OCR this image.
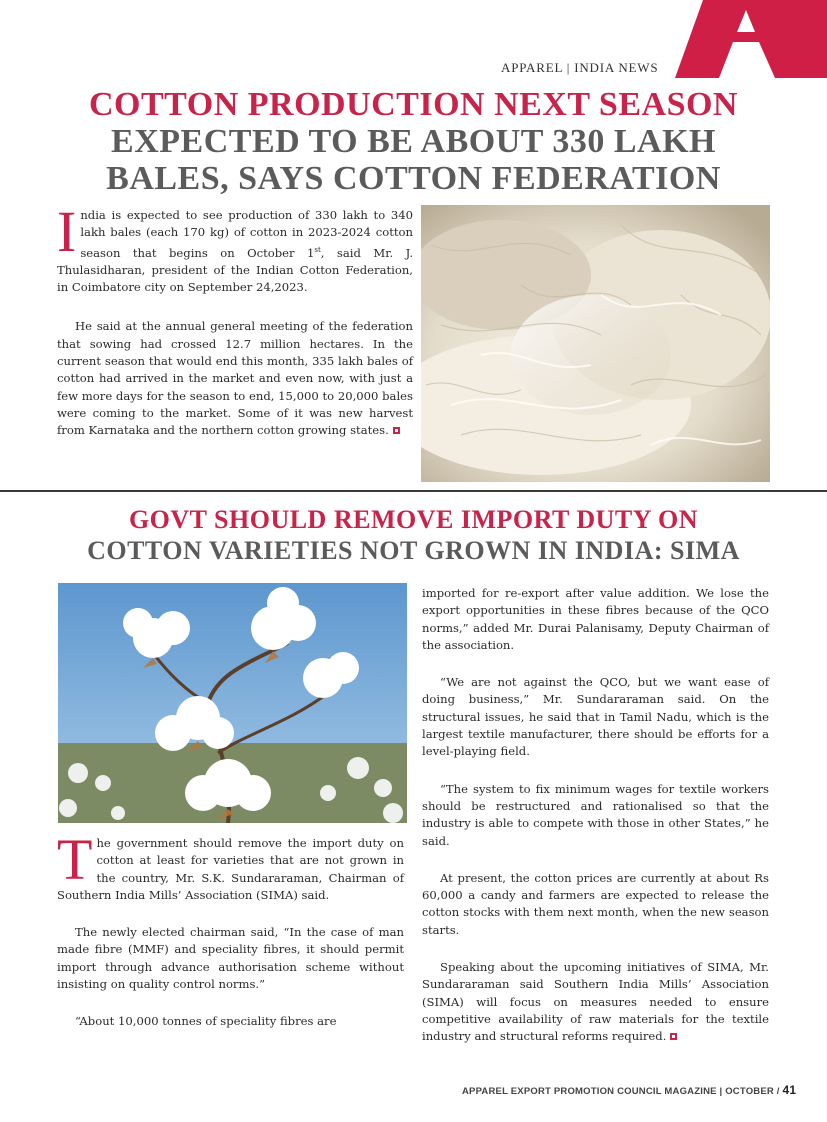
APPAREL | INDIA NEWS
COTTON PRODUCTION NEXT SEASON
EXPECTED TO BE ABOUT 330 LAKH
BALES, SAYS COTTON FEDERATION

India is expected to see production of 330 lakh to 340 lakh bales (each 170 kg) of cotton in 2023-2024 cotton season that begins on October 1st, said Mr. J. Thulasidharan, president of the Indian Cotton Federation, in Coimbatore city on September 24,2023.

He said at the annual general meeting of the federation that sowing had crossed 12.7 million hectares. In the current season that would end this month, 335 lakh bales of cotton had arrived in the market and even now, with just a few more days for the season to end, 15,000 to 20,000 bales were coming to the market. Some of it was new harvest from Karnataka and the northern cotton growing states.

GOVT SHOULD REMOVE IMPORT DUTY ON
COTTON VARIETIES NOT GROWN IN INDIA: SIMA

The government should remove the import duty on cotton at least for varieties that are not grown in the country, Mr. S.K. Sundararaman, Chairman of Southern India Mills’ Association (SIMA) said.

The newly elected chairman said, “In the case of man made fibre (MMF) and speciality fibres, it should permit import through advance authorisation scheme without insisting on quality control norms.”

“About 10,000 tonnes of speciality fibres are

imported for re-export after value addition. We lose the export opportunities in these fibres because of the QCO norms,” added Mr. Durai Palanisamy, Deputy Chairman of the association.

“We are not against the QCO, but we want ease of doing business,” Mr. Sundararaman said. On the structural issues, he said that in Tamil Nadu, which is the largest textile manufacturer, there should be efforts for a level-playing field.

“The system to fix minimum wages for textile workers should be restructured and rationalised so that the industry is able to compete with those in other States,” he said.

At present, the cotton prices are currently at about Rs 60,000 a candy and farmers are expected to release the cotton stocks with them next month, when the new season starts.

Speaking about the upcoming initiatives of SIMA, Mr. Sundararaman said Southern India Mills’ Association (SIMA) will focus on measures needed to ensure competitive availability of raw materials for the textile industry and structural reforms required.

APPAREL EXPORT PROMOTION COUNCIL MAGAZINE | OCTOBER / 41
